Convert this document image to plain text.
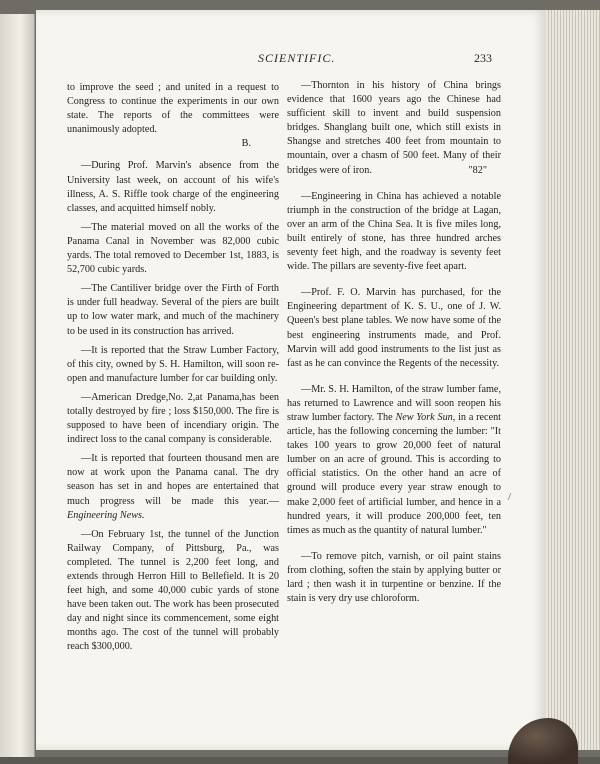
SCIENTIFIC.	233

to improve the seed ; and united in a request to Congress to continue the experiments in our own state. The reports of the committees were unanimously adopted.

B.

—During Prof. Marvin's absence from the University last week, on account of his wife's illness, A. S. Riffle took charge of the engineering classes, and acquitted himself nobly.

—The material moved on all the works of the Panama Canal in November was 82,000 cubic yards. The total removed to December 1st, 1883, is 52,700 cubic yards.

—The Cantiliver bridge over the Firth of Forth is under full headway. Several of the piers are built up to low water mark, and much of the machinery to be used in its construction has arrived.

—It is reported that the Straw Lumber Factory, of this city, owned by S. H. Hamilton, will soon re-open and manufacture lumber for car building only.

—American Dredge,No. 2,at Panama,has been totally destroyed by fire ; loss $150,000. The fire is supposed to have been of incendiary origin. The indirect loss to the canal company is considerable.

—It is reported that fourteen thousand men are now at work upon the Panama canal. The dry season has set in and hopes are entertained that much progress will be made this year.—Engineering News.

—On February 1st, the tunnel of the Junction Railway Company, of Pittsburg, Pa., was completed. The tunnel is 2,200 feet long, and extends through Herron Hill to Bellefield. It is 20 feet high, and some 40,000 cubic yards of stone have been taken out. The work has been prosecuted day and night since its commencement, some eight months ago. The cost of the tunnel will probably reach $300,000.

—Thornton in his history of China brings evidence that 1600 years ago the Chinese had sufficient skill to invent and build suspension bridges. Shanglang built one, which still exists in Shangse and stretches 400 feet from mountain to mountain, over a chasm of 500 feet. Many of their bridges were of iron.	"82"

—Engineering in China has achieved a notable triumph in the construction of the bridge at Lagan, over an arm of the China Sea. It is five miles long, built entirely of stone, has three hundred arches seventy feet high, and the roadway is seventy feet wide. The pillars are seventy-five feet apart.

—Prof. F. O. Marvin has purchased, for the Engineering department of K. S. U., one of J. W. Queen's best plane tables. We now have some of the best engineering instruments made, and Prof. Marvin will add good instruments to the list just as fast as he can convince the Regents of the necessity.

—Mr. S. H. Hamilton, of the straw lumber fame, has returned to Lawrence and will soon reopen his straw lumber factory. The New York Sun, in a recent article, has the following concerning the lumber: "It takes 100 years to grow 20,000 feet of natural lumber on an acre of ground. This is according to official statistics. On the other hand an acre of ground will produce every year straw enough to make 2,000 feet of artificial lumber, and hence in a hundred years, it will produce 200,000 feet, ten times as much as the quantity of natural lumber."

—To remove pitch, varnish, or oil paint stains from clothing, soften the stain by applying butter or lard ; then wash it in turpentine or benzine. If the stain is very dry use chloroform.

/
